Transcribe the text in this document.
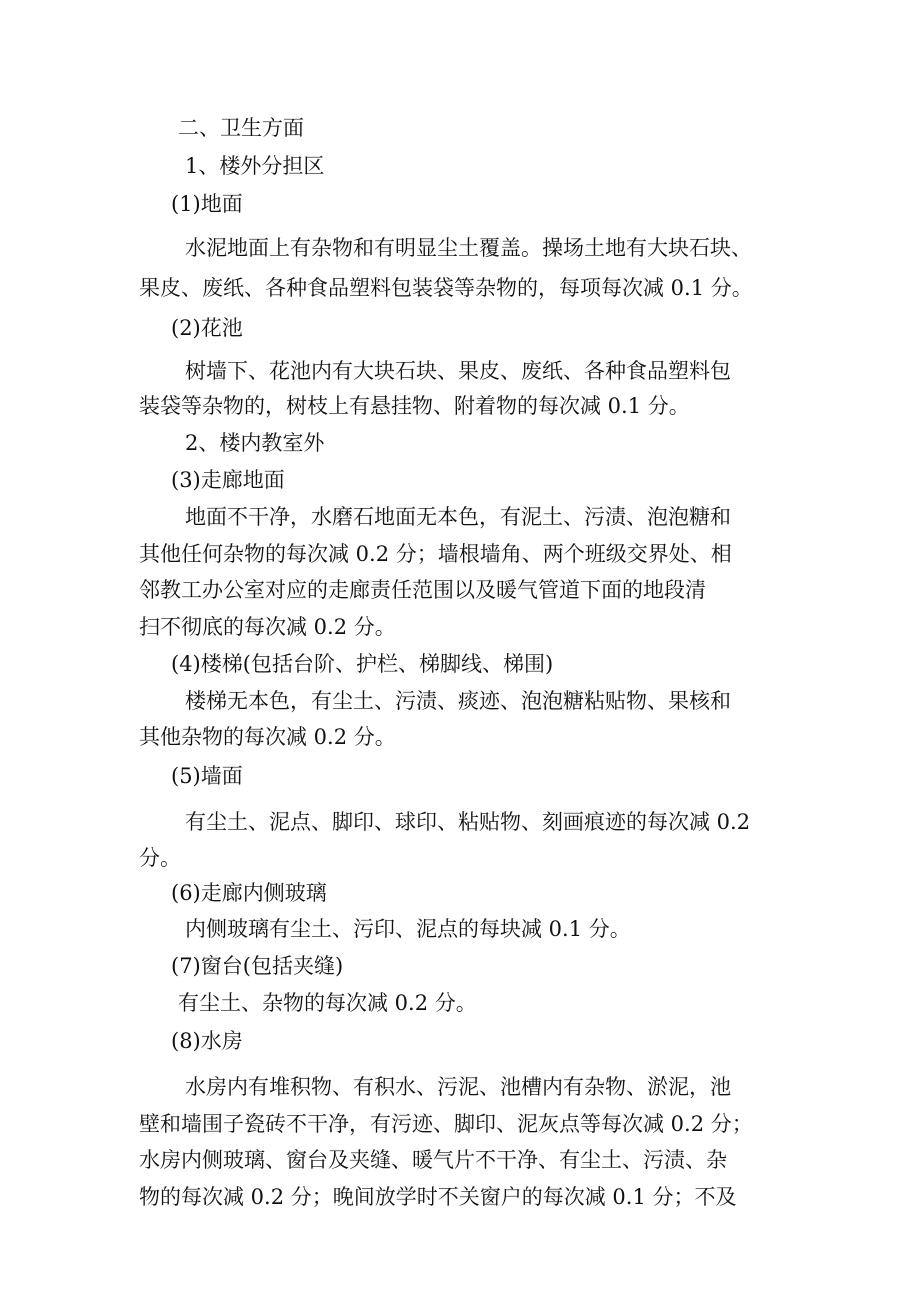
二、卫生方面
1、楼外分担区
(1)地面
水泥地面上有杂物和有明显尘土覆盖。操场土地有大块石块、
果皮、废纸、各种食品塑料包装袋等杂物的，每项每次减 0.1 分。
(2)花池
树墙下、花池内有大块石块、果皮、废纸、各种食品塑料包
装袋等杂物的，树枝上有悬挂物、附着物的每次减 0.1 分。
2、楼内教室外
(3)走廊地面
地面不干净，水磨石地面无本色，有泥土、污渍、泡泡糖和
其他任何杂物的每次减 0.2 分；墙根墙角、两个班级交界处、相
邻教工办公室对应的走廊责任范围以及暖气管道下面的地段清
扫不彻底的每次减 0.2 分。
(4)楼梯(包括台阶、护栏、梯脚线、梯围)
楼梯无本色，有尘土、污渍、痰迹、泡泡糖粘贴物、果核和
其他杂物的每次减 0.2 分。
(5)墙面
有尘土、泥点、脚印、球印、粘贴物、刻画痕迹的每次减 0.2
分。
(6)走廊内侧玻璃
内侧玻璃有尘土、污印、泥点的每块减 0.1 分。
(7)窗台(包括夹缝)
有尘土、杂物的每次减 0.2 分。
(8)水房
水房内有堆积物、有积水、污泥、池槽内有杂物、淤泥，池
壁和墙围子瓷砖不干净，有污迹、脚印、泥灰点等每次减 0.2 分；
水房内侧玻璃、窗台及夹缝、暖气片不干净、有尘土、污渍、杂
物的每次减 0.2 分；晚间放学时不关窗户的每次减 0.1 分；不及
